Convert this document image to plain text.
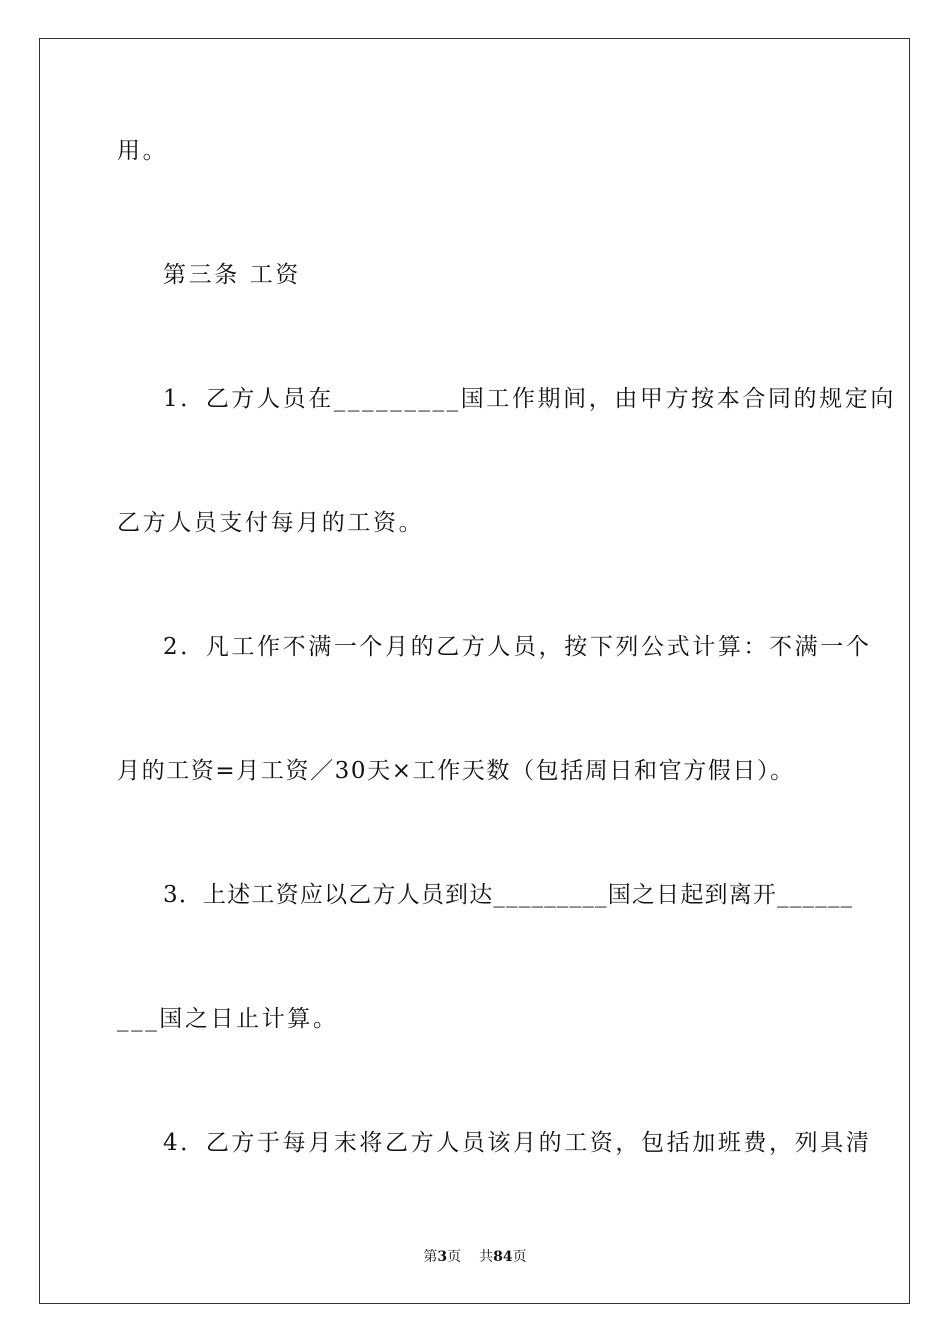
用。
第三条 工资
1．乙方人员在_________国工作期间，由甲方按本合同的规定向
乙方人员支付每月的工资。
2．凡工作不满一个月的乙方人员，按下列公式计算：不满一个
月的工资=月工资／30天×工作天数（包括周日和官方假日）。
3．上述工资应以乙方人员到达_________国之日起到离开______
___国之日止计算。
4．乙方于每月末将乙方人员该月的工资，包括加班费，列具清
第3页 共84页
